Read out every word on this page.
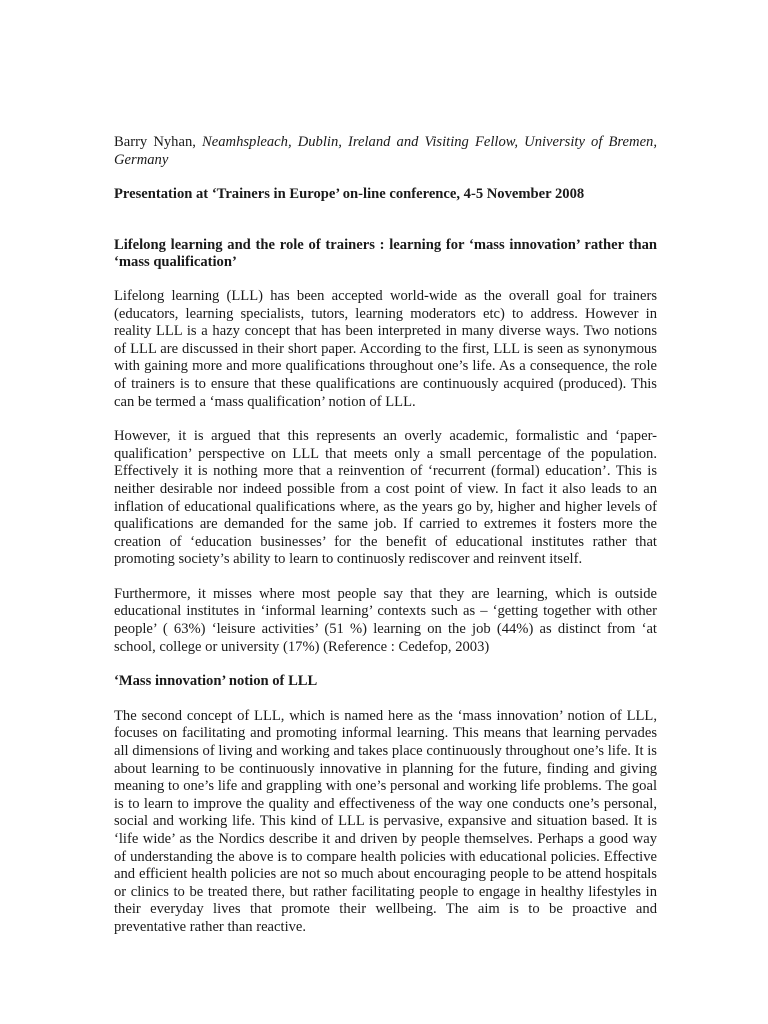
Barry Nyhan, Neamhspleach, Dublin, Ireland and Visiting Fellow, University of Bremen, Germany

Presentation at ‘Trainers in Europe’ on-line conference, 4-5 November 2008

Lifelong learning and the role of trainers : learning for ‘mass innovation’ rather than ‘mass qualification’

Lifelong learning (LLL) has been accepted world-wide as the overall goal for trainers (educators, learning specialists, tutors, learning moderators etc) to address. However in reality LLL is a hazy concept that has been interpreted in many diverse ways. Two notions of LLL are discussed in their short paper. According to the first, LLL is seen as synonymous with gaining more and more qualifications throughout one’s life. As a consequence, the role of trainers is to ensure that these qualifications are continuously acquired (produced). This can be termed a ‘mass qualification’ notion of LLL.

However, it is argued that this represents an overly academic, formalistic and ‘paper-qualification’ perspective on LLL that meets only a small percentage of the population. Effectively it is nothing more that a reinvention of ‘recurrent (formal) education’. This is neither desirable nor indeed possible from a cost point of view. In fact it also leads to an inflation of educational qualifications where, as the years go by, higher and higher levels of qualifications are demanded for the same job. If carried to extremes it fosters more the creation of ‘education businesses’ for the benefit of educational institutes rather that promoting society’s ability to learn to continuosly rediscover and reinvent itself.

Furthermore, it misses where most people say that they are learning, which is outside educational institutes in ‘informal learning’ contexts such as – ‘getting together with other people’ ( 63%) ‘leisure activities’ (51 %) learning on the job (44%) as distinct from ‘at school, college or university (17%) (Reference : Cedefop, 2003)

‘Mass innovation’ notion of LLL

The second concept of LLL, which is named here as the ‘mass innovation’ notion of LLL, focuses on facilitating and promoting informal learning. This means that learning pervades all dimensions of living and working and takes place continuously throughout one’s life. It is about learning to be continuously innovative in planning for the future, finding and giving meaning to one’s life and grappling with one’s personal and working life problems. The goal is to learn to improve the quality and effectiveness of the way one conducts one’s personal, social and working life. This kind of LLL is pervasive, expansive and situation based. It is ‘life wide’ as the Nordics describe it and driven by people themselves. Perhaps a good way of understanding the above is to compare health policies with educational policies. Effective and efficient health policies are not so much about encouraging people to be attend hospitals or clinics to be treated there, but rather facilitating people to engage in healthy lifestyles in their everyday lives that promote their wellbeing. The aim is to be proactive and preventative rather than reactive.
